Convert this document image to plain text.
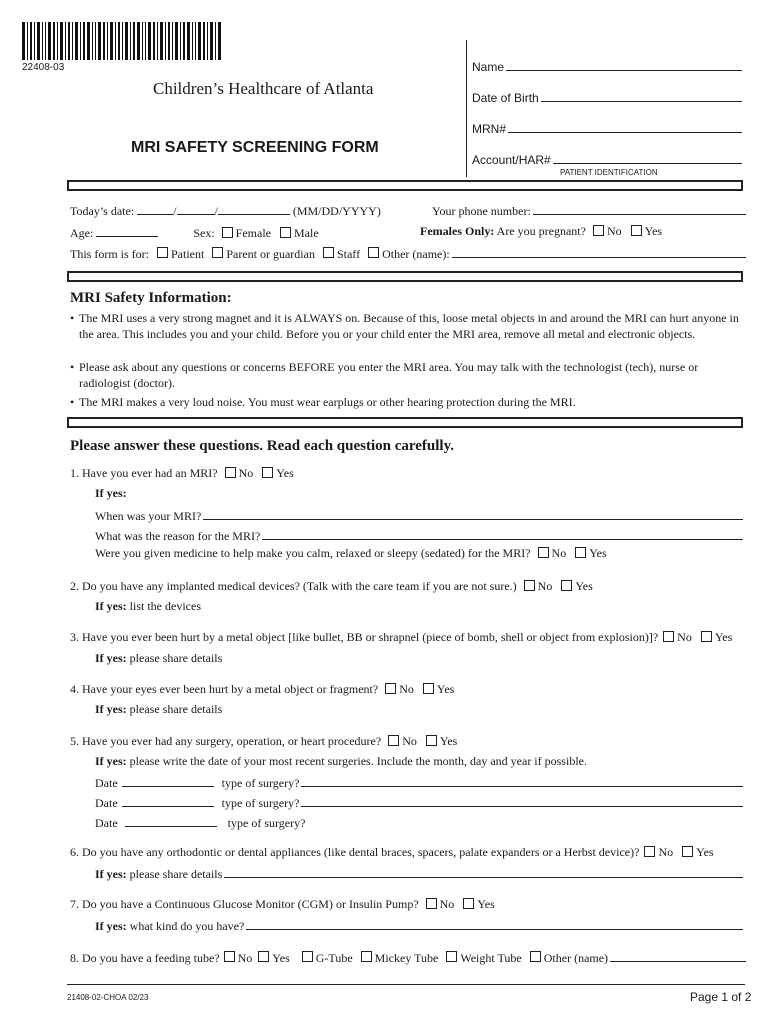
22408-03
Children’s Healthcare of Atlanta
MRI SAFETY SCREENING FORM
Name
Date of Birth
MRN#
Account/HAR#
PATIENT IDENTIFICATION
Today’s date:	/	/	(MM/DD/YYYY)	Your phone number:
Age:	Sex: Female Male	Females Only: Are you pregnant? No Yes
This form is for: Patient Parent or guardian Staff Other (name):
MRI Safety Information:
• The MRI uses a very strong magnet and it is ALWAYS on. Because of this, loose metal objects in and around the MRI can hurt anyone in the area. This includes you and your child. Before you or your child enter the MRI area, remove all metal and electronic objects.
• Please ask about any questions or concerns BEFORE you enter the MRI area. You may talk with the technologist (tech), nurse or radiologist (doctor).
• The MRI makes a very loud noise. You must wear earplugs or other hearing protection during the MRI.
Please answer these questions. Read each question carefully.
1. Have you ever had an MRI? No Yes
If yes:
When was your MRI?
What was the reason for the MRI?
Were you given medicine to help make you calm, relaxed or sleepy (sedated) for the MRI? No Yes
2. Do you have any implanted medical devices? (Talk with the care team if you are not sure.) No Yes
If yes: list the devices
3. Have you ever been hurt by a metal object [like bullet, BB or shrapnel (piece of bomb, shell or object from explosion)]? No Yes
If yes: please share details
4. Have your eyes ever been hurt by a metal object or fragment? No Yes
If yes: please share details
5. Have you ever had any surgery, operation, or heart procedure? No Yes
If yes: please write the date of your most recent surgeries. Include the month, day and year if possible.
Date	type of surgery?
Date	type of surgery?
Date	type of surgery?
6. Do you have any orthodontic or dental appliances (like dental braces, spacers, palate expanders or a Herbst device)? No Yes
If yes:
please share details
7. Do you have a Continuous Glucose Monitor (CGM) or Insulin Pump? No Yes
If yes:
what kind do you have?
8. Do you have a feeding tube? No Yes G-Tube Mickey Tube Weight Tube Other (name)
21408-02-CHOA 02/23	Page 1 of 2
